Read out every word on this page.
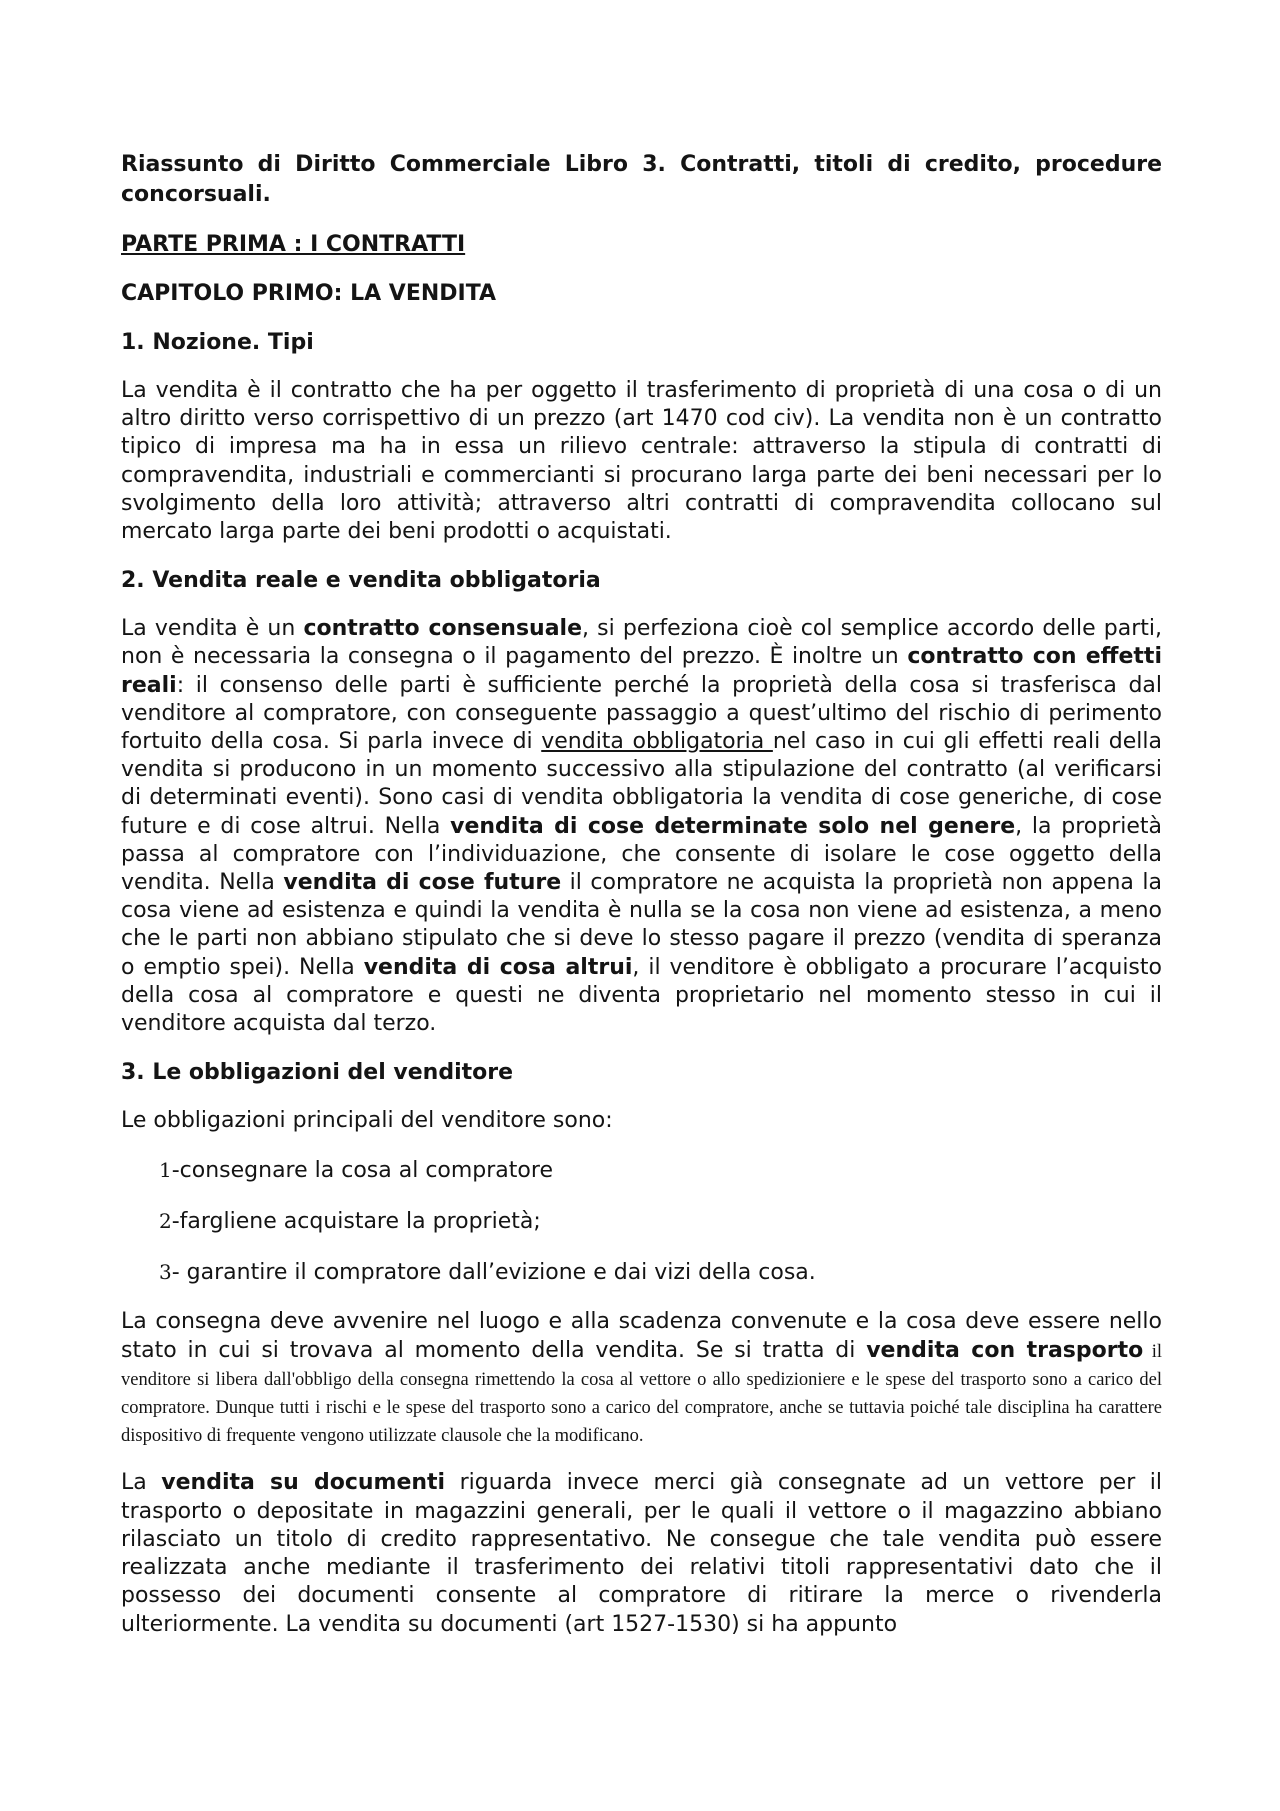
Riassunto di Diritto Commerciale Libro 3. Contratti, titoli di credito, procedure concorsuali.

PARTE PRIMA : I CONTRATTI

CAPITOLO PRIMO: LA VENDITA

1. Nozione. Tipi

La vendita è il contratto che ha per oggetto il trasferimento di proprietà di una cosa o di un altro diritto verso corrispettivo di un prezzo (art 1470 cod civ). La vendita non è un contratto tipico di impresa ma ha in essa un rilievo centrale: attraverso la stipula di contratti di compravendita, industriali e commercianti si procurano larga parte dei beni necessari per lo svolgimento della loro attività; attraverso altri contratti di compravendita collocano sul mercato larga parte dei beni prodotti o acquistati.

2. Vendita reale e vendita obbligatoria

La vendita è un contratto consensuale, si perfeziona cioè col semplice accordo delle parti, non è necessaria la consegna o il pagamento del prezzo. È inoltre un contratto con effetti reali: il consenso delle parti è sufficiente perché la proprietà della cosa si trasferisca dal venditore al compratore, con conseguente passaggio a quest’ultimo del rischio di perimento fortuito della cosa. Si parla invece di vendita obbligatoria nel caso in cui gli effetti reali della vendita si producono in un momento successivo alla stipulazione del contratto (al verificarsi di determinati eventi). Sono casi di vendita obbligatoria la vendita di cose generiche, di cose future e di cose altrui. Nella vendita di cose determinate solo nel genere, la proprietà passa al compratore con l’individuazione, che consente di isolare le cose oggetto della vendita. Nella vendita di cose future il compratore ne acquista la proprietà non appena la cosa viene ad esistenza e quindi la vendita è nulla se la cosa non viene ad esistenza, a meno che le parti non abbiano stipulato che si deve lo stesso pagare il prezzo (vendita di speranza o emptio spei). Nella vendita di cosa altrui, il venditore è obbligato a procurare l’acquisto della cosa al compratore e questi ne diventa proprietario nel momento stesso in cui il venditore acquista dal terzo.

3. Le obbligazioni del venditore

Le obbligazioni principali del venditore sono:

1-consegnare la cosa al compratore
2-fargliene acquistare la proprietà;
3- garantire il compratore dall’evizione e dai vizi della cosa.

La consegna deve avvenire nel luogo e alla scadenza convenute e la cosa deve essere nello stato in cui si trovava al momento della vendita. Se si tratta di vendita con trasporto il venditore si libera dall'obbligo della consegna rimettendo la cosa al vettore o allo spedizioniere e le spese del trasporto sono a carico del compratore. Dunque tutti i rischi e le spese del trasporto sono a carico del compratore, anche se tuttavia poiché tale disciplina ha carattere dispositivo di frequente vengono utilizzate clausole che la modificano.

La vendita su documenti riguarda invece merci già consegnate ad un vettore per il trasporto o depositate in magazzini generali, per le quali il vettore o il magazzino abbiano rilasciato un titolo di credito rappresentativo. Ne consegue che tale vendita può essere realizzata anche mediante il trasferimento dei relativi titoli rappresentativi dato che il possesso dei documenti consente al compratore di ritirare la merce o rivenderla ulteriormente. La vendita su documenti (art 1527-1530) si ha appunto
